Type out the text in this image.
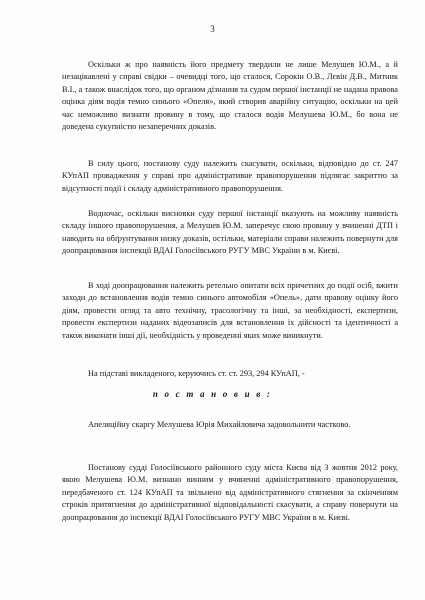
3

Оскільки ж про наявність його предмету твердили не лише Мелушев Ю.М., а й незацікавлені у справі свідки – очевидці того, що сталося, Сорокін О.В., Лєвін Д.В., Митник В.І., а також внаслідок того, що органом дізнання та судом першої інстанції не надана правова оцінка діям водія темно синього «Опеля», який створив аварійну ситуацію, оскільки на цей час неможливо визнати провину в тому, що сталося водія Мелушева Ю.М., бо вона не доведена сукупністю незаперечних доказів.

В силу цього, постанову суду належить скасувати, оскільки, відповідно до ст. 247 КУпАП провадження у справі про адміністративне правопорушення підлягає закриттю за відсутності події і складу адміністративного правопорушення.

Водночас, оскільки висновки суду першої інстанції вказують на можливу наявність складу іншого правопорушення, а Мелушев Ю.М. заперечує свою провину у вчиненні ДТП і наводить на обґрунтування низку доказів, остільки, матеріали справи належить повернути для доопрацювання інспекції ВДАІ Голосіївського РУГУ МВС України в м. Києві.

В ході доопрацювання належить ретельно опитати всіх причетних до події осіб, вжити заходи до встановлення водія темно синього автомобіля «Опель», дати правову оцінку його діям, провести огляд та авто технічну, трасологічну та інші, за необхідності, експертизи, провести експертизи наданих відеозаписів для встановлення їх дійсності та ідентичності а також виконати інші дії, необхідність у проведенні яких може виникнути.

На підставі викладеного, керуючись ст. ст. 293, 294 КУпАП, -

п о с т а н о в и в :

Апеляційну скаргу Мелушева Юрія Михайловича задовольнити частково.

Постанову судді Голосіївського районного суду міста Києва від 3 жовтня 2012 року, якою Мелушева Ю.М. визнано винним у вчиненні адміністративного правопорушення, передбаченого ст. 124 КУпАП та звільнено від адміністративного стягнення за скінченням строків притягнення до адміністративної відповідальності скасувати, а справу повернути на доопрацювання до інспекції ВДАІ Голосіївського РУГУ МВС України в м. Києві.
